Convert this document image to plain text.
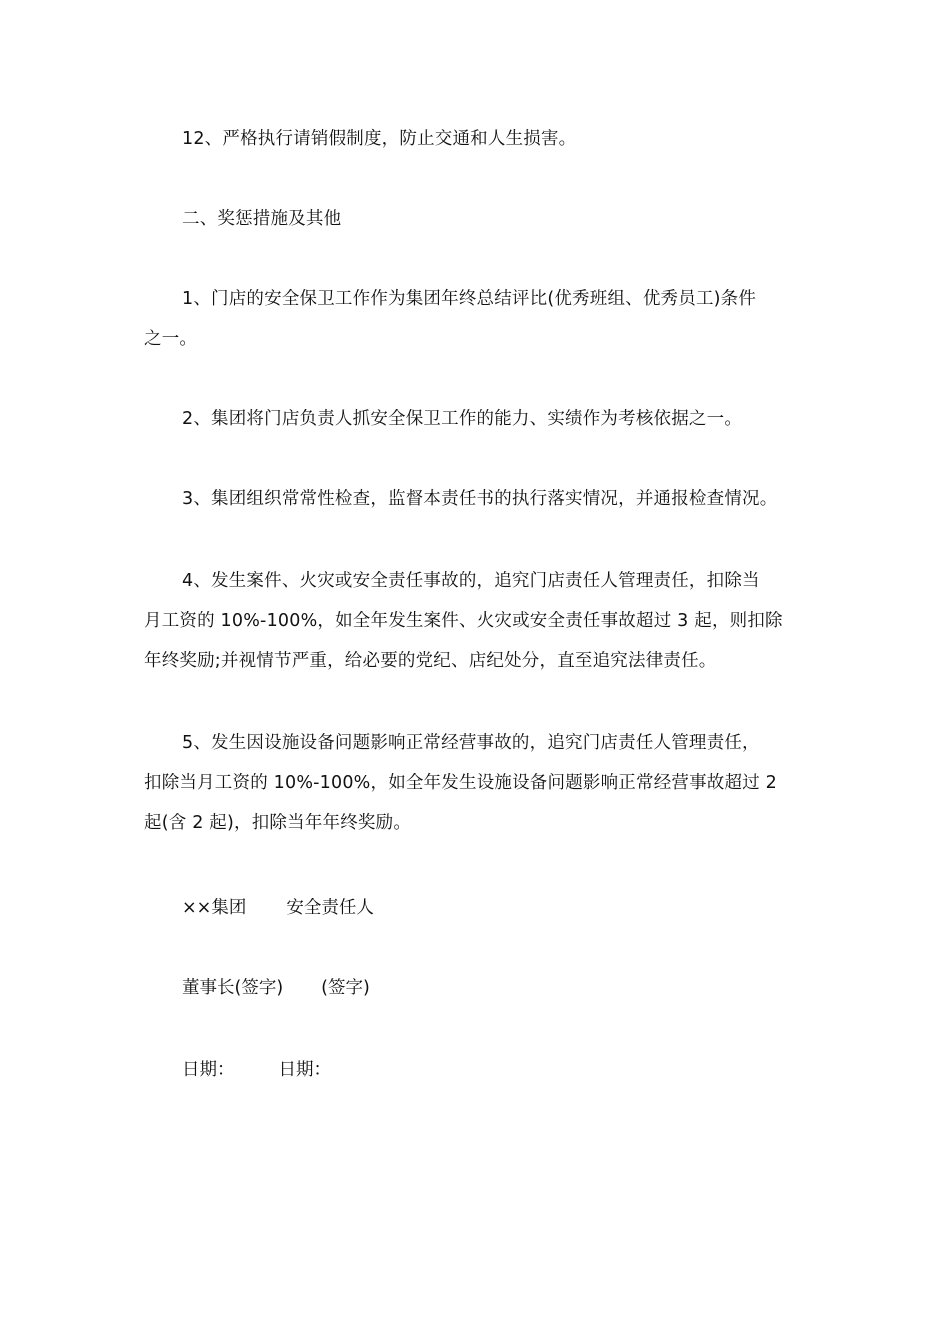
12、严格执行请销假制度，防止交通和人生损害。
二、奖惩措施及其他
1、门店的安全保卫工作作为集团年终总结评比(优秀班组、优秀员工)条件
之一。
2、集团将门店负责人抓安全保卫工作的能力、实绩作为考核依据之一。
3、集团组织常常性检查，监督本责任书的执行落实情况，并通报检查情况。
4、发生案件、火灾或安全责任事故的，追究门店责任人管理责任，扣除当
月工资的 10%-100%，如全年发生案件、火灾或安全责任事故超过 3 起，则扣除
年终奖励;并视情节严重，给必要的党纪、店纪处分，直至追究法律责任。
5、发生因设施设备问题影响正常经营事故的，追究门店责任人管理责任，
扣除当月工资的 10%-100%，如全年发生设施设备问题影响正常经营事故超过 2
起(含 2 起)，扣除当年年终奖励。
××集团 安全责任人
董事长(签字) (签字)
日期：	日期：
